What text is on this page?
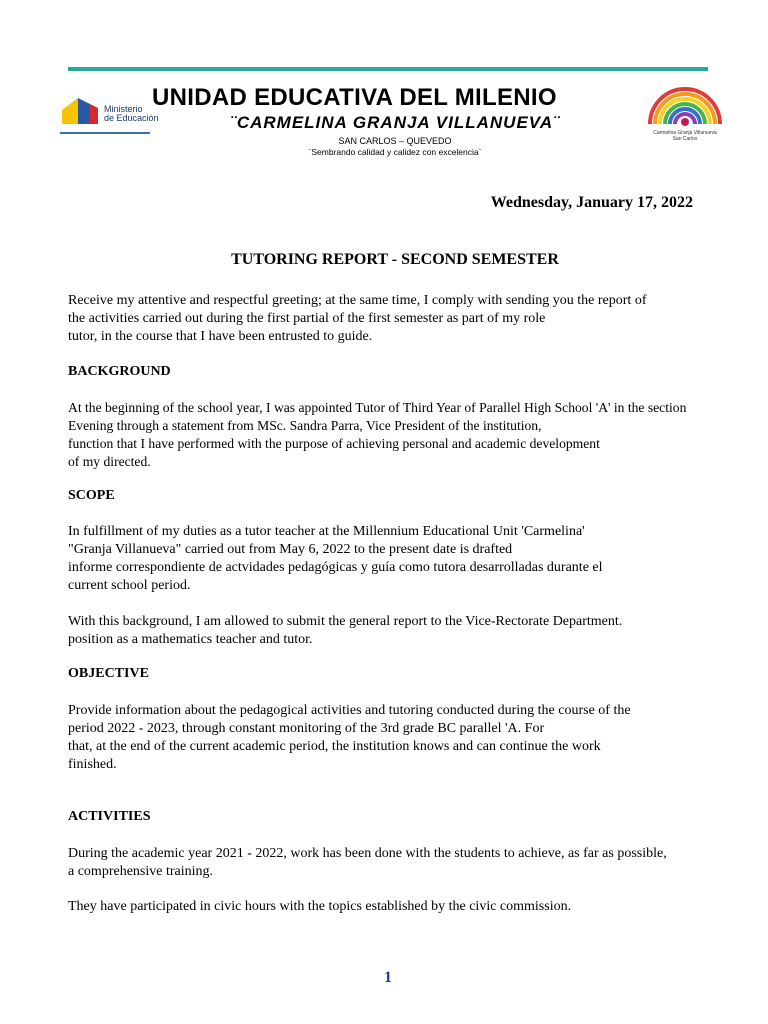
Ministerio
de Educación
UNIDAD EDUCATIVA DEL MILENIO
¨CARMELINA GRANJA VILLANUEVA¨
SAN CARLOS – QUEVEDO
¨Sembrando calidad y calidez con excelencia¨
Carmelina Granja Villanueva
San Carlos
Wednesday, January 17, 2022
TUTORING REPORT - SECOND SEMESTER
Receive my attentive and respectful greeting; at the same time, I comply with sending you the report of
the activities carried out during the first partial of the first semester as part of my role
tutor, in the course that I have been entrusted to guide.
BACKGROUND
At the beginning of the school year, I was appointed Tutor of Third Year of Parallel High School 'A' in the section
Evening through a statement from MSc. Sandra Parra, Vice President of the institution,
function that I have performed with the purpose of achieving personal and academic development
of my directed.
SCOPE
In fulfillment of my duties as a tutor teacher at the Millennium Educational Unit 'Carmelina'
"Granja Villanueva" carried out from May 6, 2022 to the present date is drafted
informe correspondiente de actvidades pedagógicas y guía como tutora desarrolladas durante el
current school period.
With this background, I am allowed to submit the general report to the Vice-Rectorate Department.
position as a mathematics teacher and tutor.
OBJECTIVE
Provide information about the pedagogical activities and tutoring conducted during the course of the
period 2022 - 2023, through constant monitoring of the 3rd grade BC parallel 'A. For
that, at the end of the current academic period, the institution knows and can continue the work
finished.
ACTIVITIES
During the academic year 2021 - 2022, work has been done with the students to achieve, as far as possible,
a comprehensive training.
They have participated in civic hours with the topics established by the civic commission.
1
